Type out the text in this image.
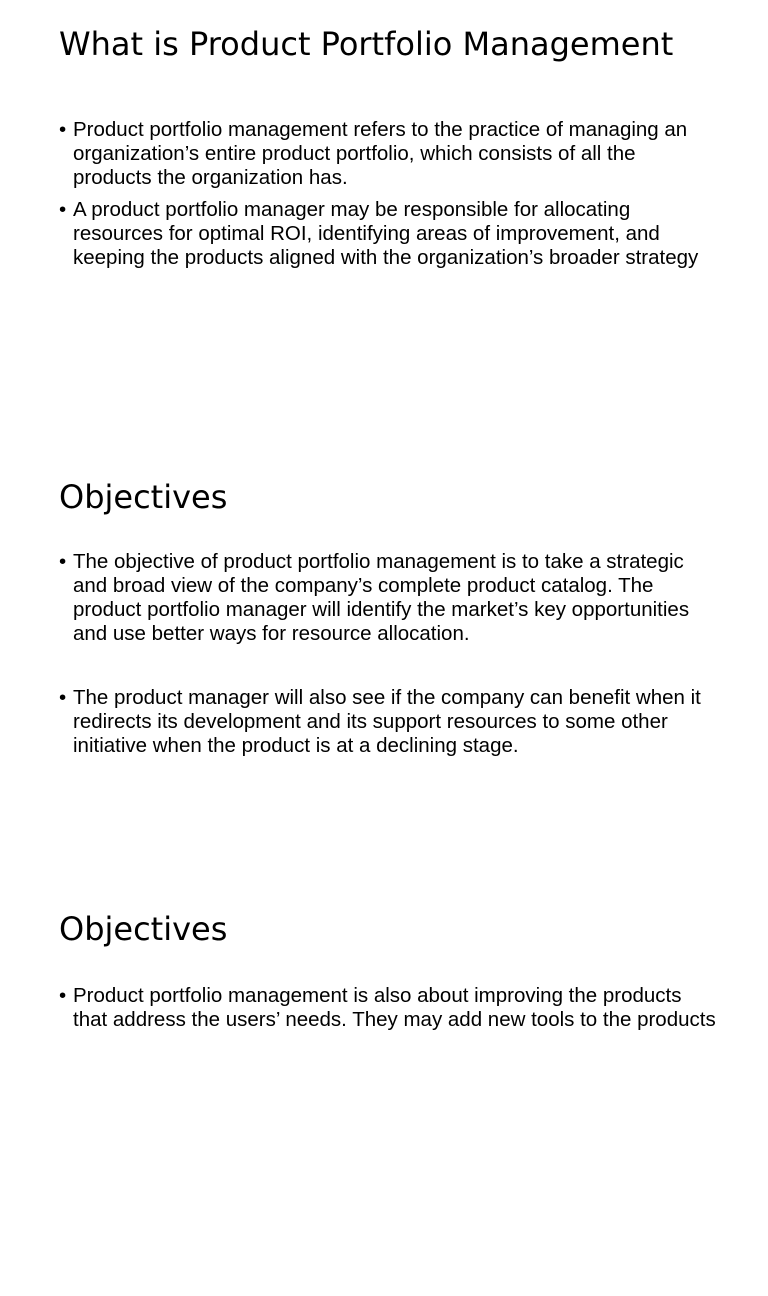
What is Product Portfolio Management
• Product portfolio management refers to the practice of managing an organization’s entire product portfolio, which consists of all the products the organization has.
• A product portfolio manager may be responsible for allocating resources for optimal ROI, identifying areas of improvement, and keeping the products aligned with the organization’s broader strategy
Objectives
• The objective of product portfolio management is to take a strategic and broad view of the company’s complete product catalog. The product portfolio manager will identify the market’s key opportunities and use better ways for resource allocation.
• The product manager will also see if the company can benefit when it redirects its development and its support resources to some other initiative when the product is at a declining stage.
Objectives
• Product portfolio management is also about improving the products that address the users’ needs. They may add new tools to the products
